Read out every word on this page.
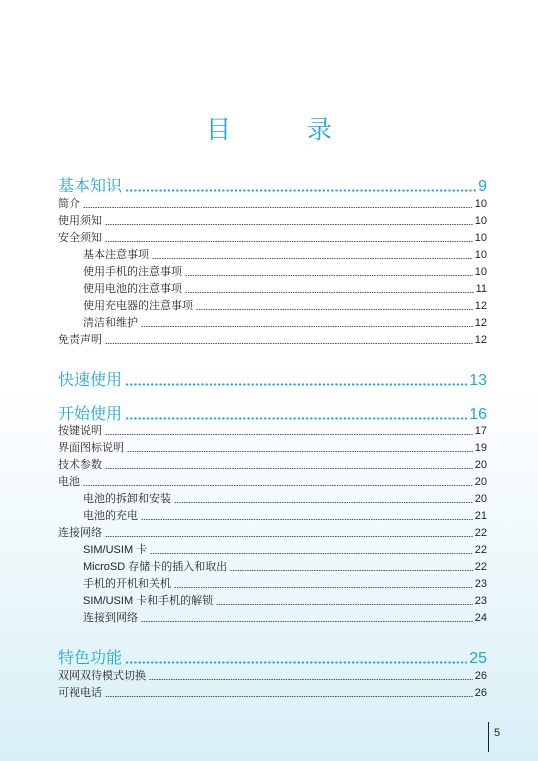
目 录
基本知识	9
简介	10
使用须知	10
安全须知	10
基本注意事项	10
使用手机的注意事项	10
使用电池的注意事项	11
使用充电器的注意事项	12
清洁和维护	12
免责声明	12
快速使用	13
开始使用	16
按键说明	17
界面图标说明	19
技术参数	20
电池	20
电池的拆卸和安装	20
电池的充电	21
连接网络	22
SIM/USIM 卡	22
MicroSD 存储卡的插入和取出	22
手机的开机和关机	23
SIM/USIM 卡和手机的解锁	23
连接到网络	24
特色功能	25
双网双待模式切换	26
可视电话	26
5
